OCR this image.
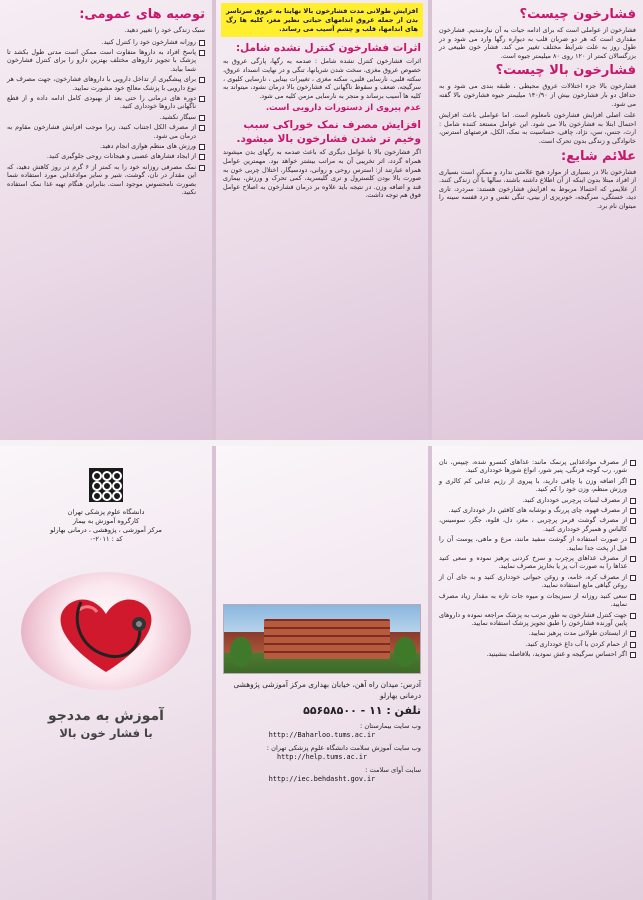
فشارخون چیست؟

فشارخون از عواملی است که برای ادامه حیات به آن نیازمندیم. فشارخون مقداری است که هر دو ضربان قلب به دیواره رگها وارد می شود و در طول روز به علت شرایط مختلف تغییر می کند. فشار خون طبیعی در بزرگسالان کمتر از ۱۲۰ روی ۸۰ میلیمتر جیوه است.

فشارخون بالا چیست؟

فشارخون بالا جزء اختلالات عروق محیطی ، طبقه بندی می شود و به حداقل دو بار فشارخون بیش از ۱۴۰/۹۰ میلیمتر جیوه فشارخون بالا گفته می شود.

علت اصلی افزایش فشارخون نامعلوم است. اما عواملی باعث افزایش احتمال ابتلا به فشارخون بالا می شود. این عوامل مستعد کننده شامل : ارث، جنس، سن، نژاد، چاقی، حساسیت به نمک، الکل، فرصتهای استرس، خانوادگی و زندگی بدون تحرک است.

علائم شایع:

فشارخون بالا در بسیاری از موارد هیچ علامتی ندارد و ممکن است بسیاری از افراد مبتلا بدون اینکه از آن اطلاع داشته باشند، سالها با آن زندگی کنند. از علایمی که احتمالا مربوط به افزایش فشارخون هستند: سردرد، تاری دید، خستگی، سرگیجه، خونریزی از بینی، تنگی نفس و درد قفسه سینه را میتوان نام برد.

افزایش طولانی مدت فشارخون بالا نهایتا به عروق سرتاسر بدن از جمله عروق اندامهای حیاتی نظیر مغز، کلیه ها رگ های اندامها، قلب و چشم آسیب می رساند.
اثرات فشارخون کنترل نشده شامل:

اثرات فشارخون کنترل نشده شامل : صدمه به رگها، پارگی عروق به خصوص عروق مغزی، سخت شدن شریانها، تنگی و در نهایت انسداد عروق، سکته قلبی، نارسایی قلبی، سکته مغزی ، تغییرات بینایی ، نارسایی کلیوی ، سرگیجه، ضعف و سقوط ناگهانی که فشارخون بالا درمان نشود، میتواند به کلیه ها آسیب برساند و منجر به نارسایی مزمن کلیه می شود.

عدم پیروی از دستورات دارویی است.
افزایش مصرف نمک خوراکی سبب وخیم تر شدن فشارخون بالا میشود.

اگر فشارخون بالا با عوامل دیگری که باعث صدمه به رگهای بدن میشوند همراه گردد، اثر تخریبی آن به مراتب بیشتر خواهد بود. مهمترین عوامل همراه عبارتند از: استرس روحی و روانی، دودسیگار، اختلال چربی خون به صورت بالا بودن کلسترول و تری گلیسرید، کمی تحرک و ورزش، بیماری قند و اضافه وزن. در نتیجه باید علاوه بر درمان فشارخون به اصلاح عوامل فوق هم توجه داشت.

توصیه های عمومی:

سبک زندگی خود را تغییر دهید.

روزانه فشارخون خود را کنترل کنید.
پاسخ افراد به داروها متفاوت است ممکن است مدتی طول بکشد تا پزشک با تجویز داروهای مختلف بهترین دارو را برای کنترل فشارخون شما بیابد.
برای پیشگیری از تداخل دارویی با داروهای فشارخون، جهت مصرف هر نوع دارویی با پزشک معالج خود مشورت نمایید.
دوره های درمانی را حتی بعد از بهبودی کامل ادامه داده و از قطع ناگهانی داروها خودداری کنید.
سیگار نکشید.
از مصرف الکل اجتناب کنید، زیرا موجب افزایش فشارخون مقاوم به درمان می شود.
ورزش های منظم هوازی انجام دهید.
از ایجاد فشارهای عصبی و هیجانات روحی جلوگیری کنید.
نمک مصرفی روزانه خود را به کمتر از ۶ گرم در روز کاهش دهید، که این مقدار در نان، گوشت، شیر و سایر موادغذایی مورد استفاده شما بصورت نامحسوس موجود است. بنابراین هنگام تهیه غذا نمک استفاده نکنید.
از مصرف موادغذایی پرنمک مانند: غذاهای کنسرو شده، چیپس، نان شور، رب گوجه فرنگی، پنیر شور، انواع شورها خودداری کنید.
اگر اضافه وزن یا چاقی دارید، با پیروی از رژیم غذایی کم کالری و ورزش منظم، وزن خود را کم کنید.
از مصرف لبنیات پرچربی خودداری کنید.
از مصرف قهوه، چای پررنگ و نوشابه های کافئین دار خودداری کنید.
از مصرف گوشت قرمز پرچربی ، مغز، دل، قلوه، جگر، سوسیس، کالباس و همبرگر خودداری کنید.
در صورت استفاده از گوشت سفید مانند، مرغ و ماهی، پوست آن را قبل از پخت جدا نمایید.
از مصرف غذاهای پرچرب و سرخ کردنی پرهیز نموده و سعی کنید غذاها را به صورت آب پز یا بخارپز مصرف نمایید.
از مصرف کره، خامه، و روغن حیوانی خودداری کنید و به جای آن از روغن گیاهی مایع استفاده نمایید.
سعی کنید روزانه از سبزیجات و میوه جات تازه به مقدار زیاد مصرف نمایید.
جهت کنترل فشارخون به طور مرتب به پزشک مراجعه نموده و داروهای پایین آورنده فشارخون را طبق تجویز پزشک استفاده نمایید.
از ایستادن طولانی مدت پرهیز نمایید.
از حمام کردن با آب داغ خودداری کنید.
اگر احساس سرگیجه و غش نمودید، بلافاصله بنشینید.
آدرس: میدان راه آهن، خیابان بهداری مرکز آموزشی پژوهشی درمانی بهارلو
تلفن : ۱۱ - ۵۵۶۵۸۵۰۰
وب سایت بیمارستان :
http://Baharloo.tums.ac.ir
وب سایت آموزش سلامت دانشگاه علوم پزشکی تهران :
http://help.tums.ac.ir
سایت آوای سلامت :
http://iec.behdasht.gov.ir
دانشگاه علوم پزشکی تهران
کارگروه آموزش به بیمار
مرکز آموزشی ، پژوهشی ، درمانی بهارلو
کد : ۲۰۱۱-۰
آموزش به مددجو
با فشار خون بالا
